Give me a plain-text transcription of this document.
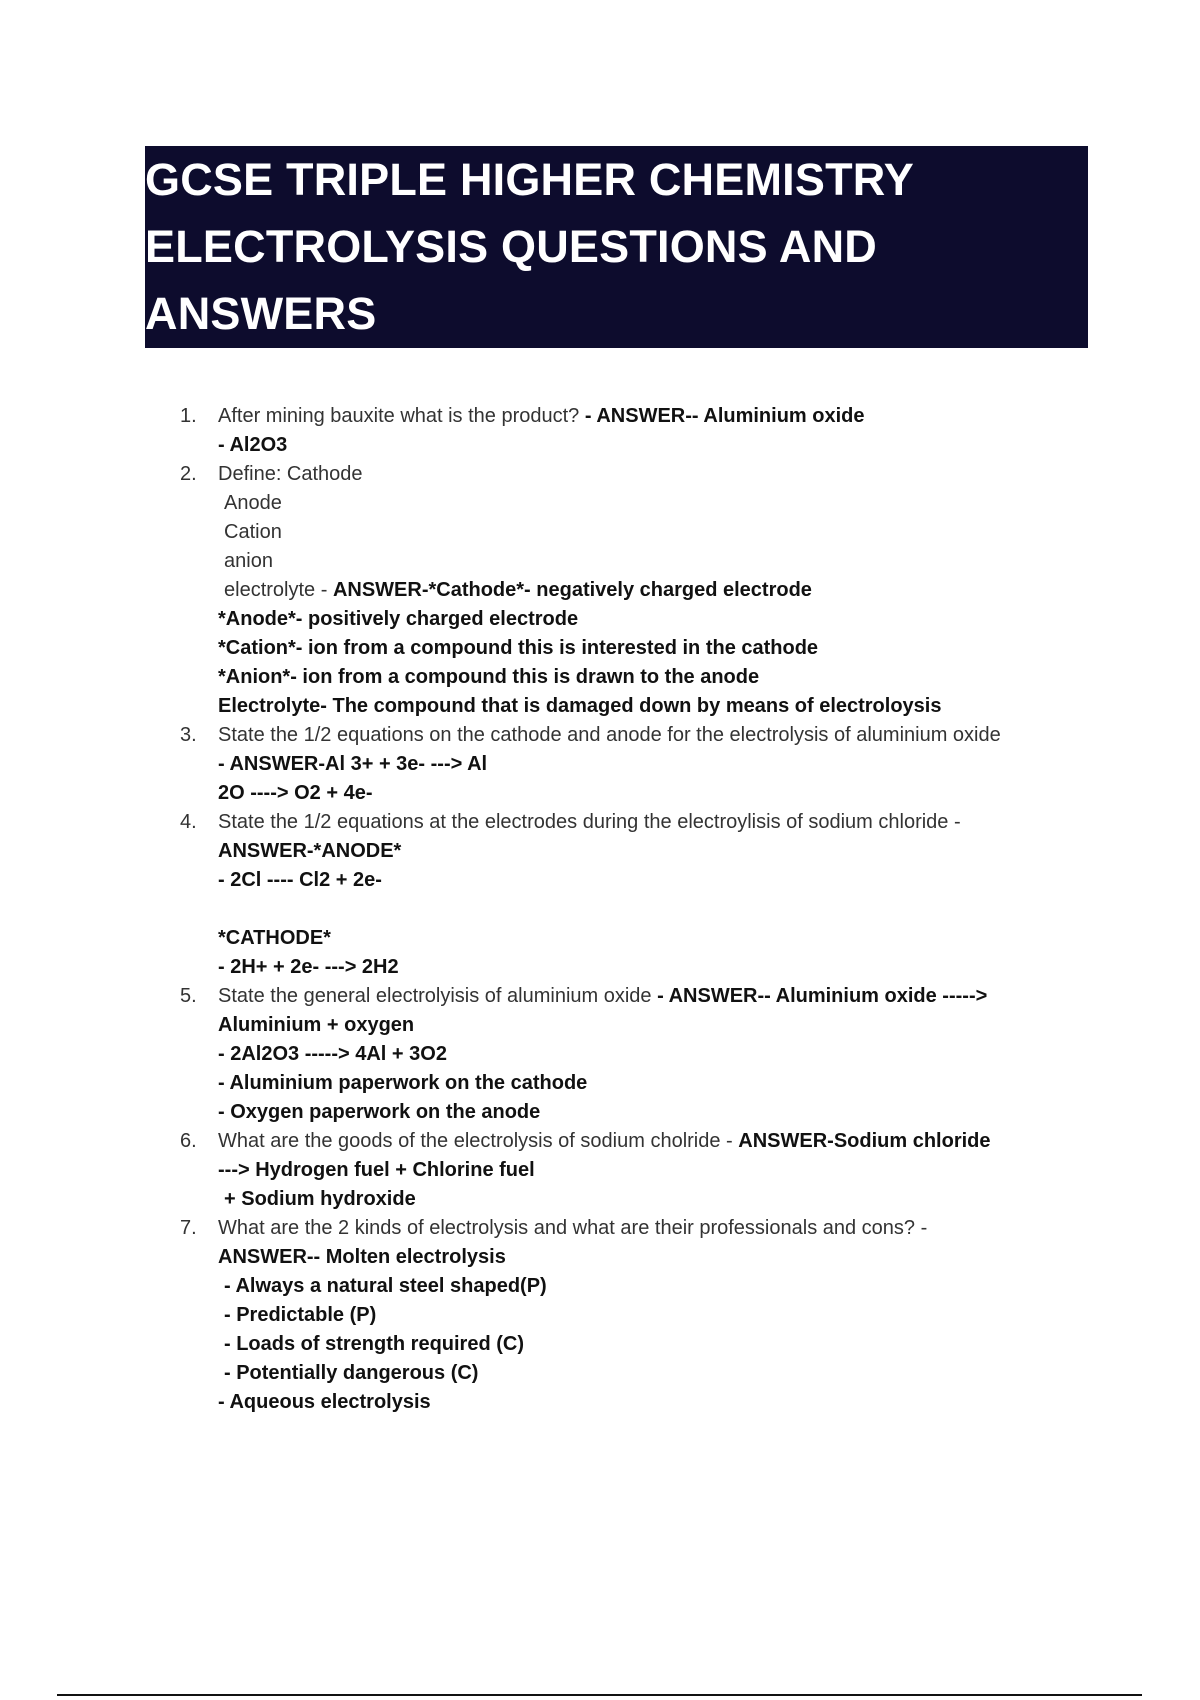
GCSE TRIPLE HIGHER CHEMISTRY
ELECTROLYSIS QUESTIONS AND
ANSWERS
1. After mining bauxite what is the product? - ANSWER-- Aluminium oxide
- Al2O3
2. Define: Cathode
Anode
Cation
anion
electrolyte - ANSWER-*Cathode*- negatively charged electrode
*Anode*- positively charged electrode
*Cation*- ion from a compound this is interested in the cathode
*Anion*- ion from a compound this is drawn to the anode
Electrolyte- The compound that is damaged down by means of electroloysis
3. State the 1/2 equations on the cathode and anode for the electrolysis of aluminium oxide
- ANSWER-Al 3+ + 3e- ---> Al
2O ----> O2 + 4e-
4. State the 1/2 equations at the electrodes during the electroylisis of sodium chloride -
ANSWER-*ANODE*
- 2Cl ---- Cl2 + 2e-
*CATHODE*
- 2H+ + 2e- ---> 2H2
5. State the general electrolyisis of aluminium oxide - ANSWER-- Aluminium oxide ----->
Aluminium + oxygen
- 2Al2O3 -----> 4Al + 3O2
- Aluminium paperwork on the cathode
- Oxygen paperwork on the anode
6. What are the goods of the electrolysis of sodium cholride - ANSWER-Sodium chloride
---> Hydrogen fuel + Chlorine fuel
+ Sodium hydroxide
7. What are the 2 kinds of electrolysis and what are their professionals and cons? -
ANSWER-- Molten electrolysis
- Always a natural steel shaped(P)
- Predictable (P)
- Loads of strength required (C)
- Potentially dangerous (C)
- Aqueous electrolysis
